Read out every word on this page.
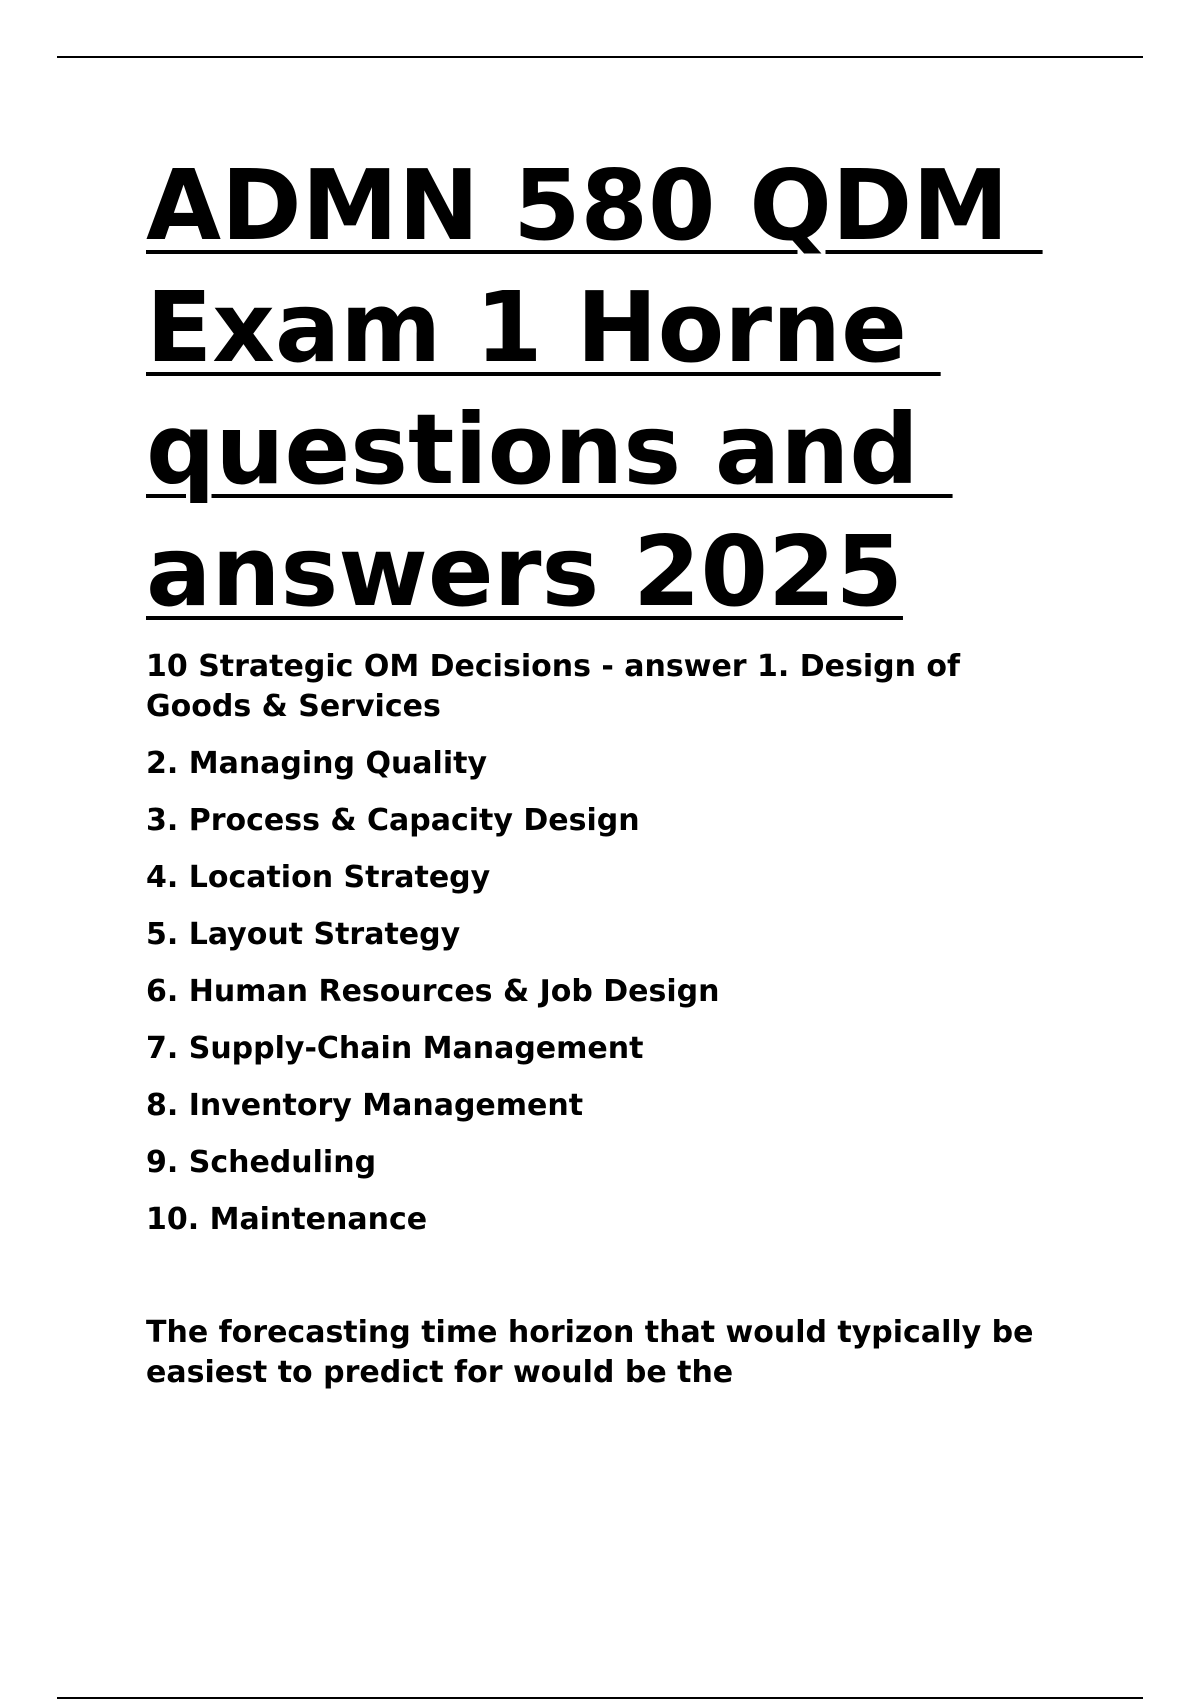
ADMN 580 QDM
Exam 1 Horne
questions and
answers 2025

10 Strategic OM Decisions - answer 1. Design of Goods & Services

2. Managing Quality

3. Process & Capacity Design

4. Location Strategy

5. Layout Strategy

6. Human Resources & Job Design

7. Supply-Chain Management

8. Inventory Management

9. Scheduling

10. Maintenance

The forecasting time horizon that would typically be easiest to predict for would be the
